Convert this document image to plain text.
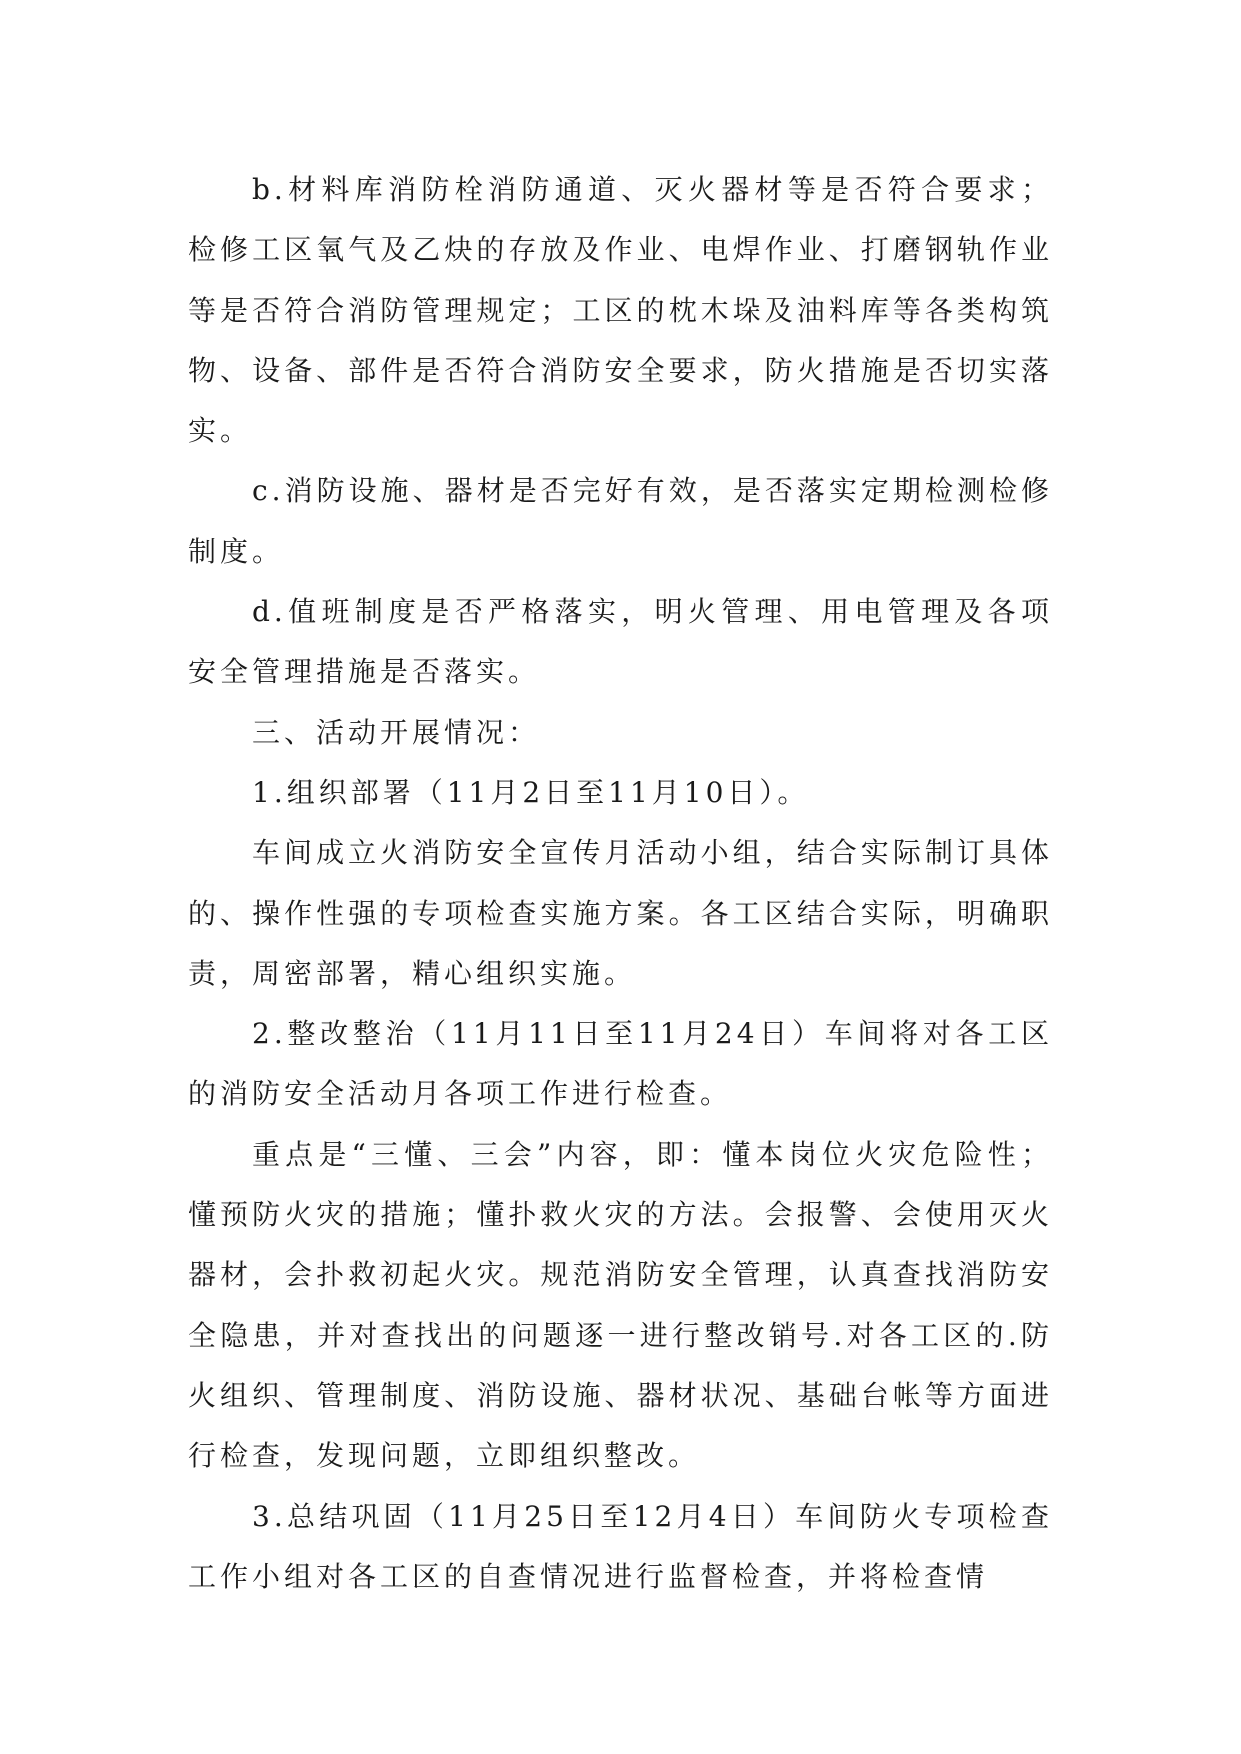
b.材料库消防栓消防通道、灭火器材等是否符合要求；检修工区氧气及乙炔的存放及作业、电焊作业、打磨钢轨作业等是否符合消防管理规定；工区的枕木垛及油料库等各类构筑物、设备、部件是否符合消防安全要求，防火措施是否切实落实。

c.消防设施、器材是否完好有效，是否落实定期检测检修制度。

d.值班制度是否严格落实，明火管理、用电管理及各项安全管理措施是否落实。

三、活动开展情况：

1.组织部署（11月2日至11月10日）。

车间成立火消防安全宣传月活动小组，结合实际制订具体的、操作性强的专项检查实施方案。各工区结合实际，明确职责，周密部署，精心组织实施。

2.整改整治（11月11日至11月24日）车间将对各工区的消防安全活动月各项工作进行检查。

重点是“三懂、三会”内容，即：懂本岗位火灾危险性；懂预防火灾的措施；懂扑救火灾的方法。会报警、会使用灭火器材，会扑救初起火灾。规范消防安全管理，认真查找消防安全隐患，并对查找出的问题逐一进行整改销号.对各工区的.防火组织、管理制度、消防设施、器材状况、基础台帐等方面进行检查，发现问题，立即组织整改。

3.总结巩固（11月25日至12月4日）车间防火专项检查工作小组对各工区的自查情况进行监督检查，并将检查情
